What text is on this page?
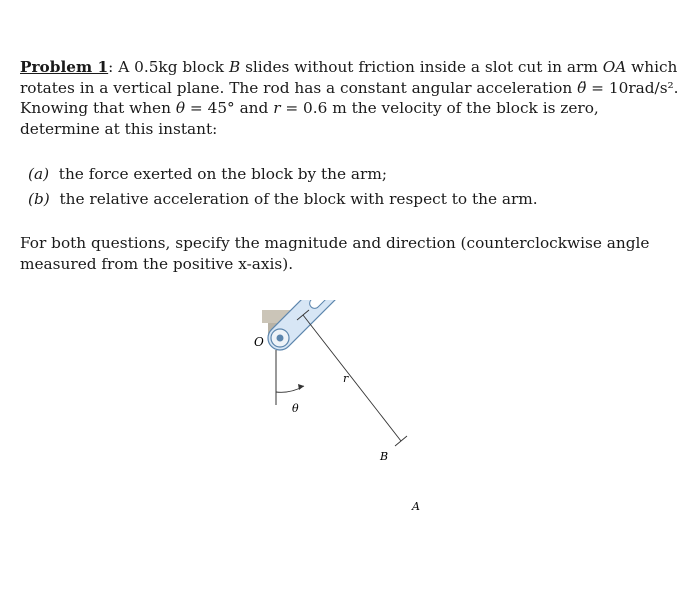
Problem 1: A 0.5kg block B slides without friction inside a slot cut in arm OA which rotates in a vertical plane. The rod has a constant angular acceleration θ̈ = 10rad/s². Knowing that when θ = 45° and r = 0.6 m the velocity of the block is zero, determine at this instant:
(a) the force exerted on the block by the arm;
(b) the relative acceleration of the block with respect to the arm.
For both questions, specify the magnitude and direction (counterclockwise angle measured from the positive x-axis).
O
θ
r
B
A
